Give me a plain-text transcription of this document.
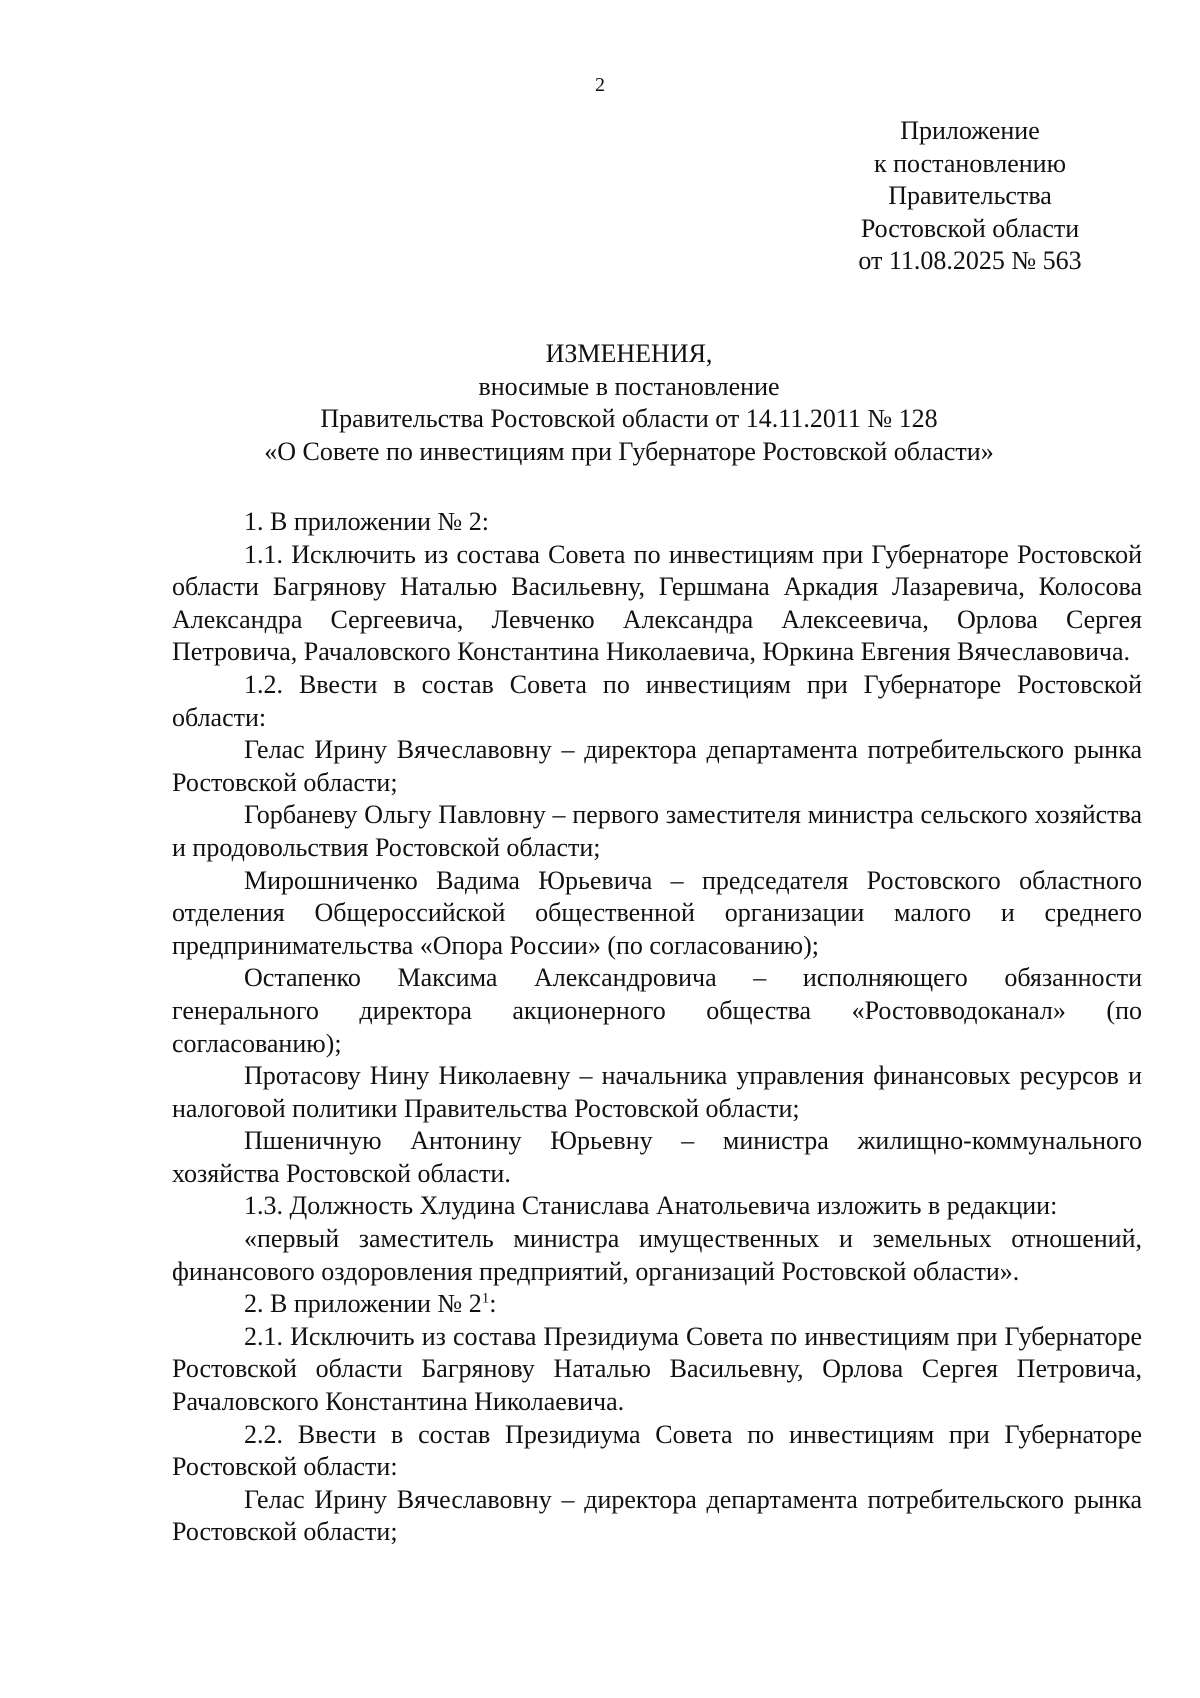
2
Приложение
к постановлению
Правительства
Ростовской области
от 11.08.2025 № 563
ИЗМЕНЕНИЯ,
вносимые в постановление
Правительства Ростовской области от 14.11.2011 № 128
«О Совете по инвестициям при Губернаторе Ростовской области»

1. В приложении № 2:

1.1. Исключить из состава Совета по инвестициям при Губернаторе Ростовской области Багрянову Наталью Васильевну, Гершмана Аркадия Лазаревича, Колосова Александра Сергеевича, Левченко Александра Алексеевича, Орлова Сергея Петровича, Рачаловского Константина Николаевича, Юркина Евгения Вячеславовича.

1.2. Ввести в состав Совета по инвестициям при Губернаторе Ростовской области:

Гелас Ирину Вячеславовну – директора департамента потребительского рынка Ростовской области;

Горбаневу Ольгу Павловну – первого заместителя министра сельского хозяйства и продовольствия Ростовской области;

Мирошниченко Вадима Юрьевича – председателя Ростовского областного отделения Общероссийской общественной организации малого и среднего предпринимательства «Опора России» (по согласованию);

Остапенко Максима Александровича – исполняющего обязанности генерального директора акционерного общества «Ростовводоканал» (по согласованию);

Протасову Нину Николаевну – начальника управления финансовых ресурсов и налоговой политики Правительства Ростовской области;

Пшеничную Антонину Юрьевну – министра жилищно-коммунального хозяйства Ростовской области.

1.3. Должность Хлудина Станислава Анатольевича изложить в редакции:

«первый заместитель министра имущественных и земельных отношений, финансового оздоровления предприятий, организаций Ростовской области».

2. В приложении № 2$^1$:

2.1. Исключить из состава Президиума Совета по инвестициям при Губернаторе Ростовской области Багрянову Наталью Васильевну, Орлова Сергея Петровича, Рачаловского Константина Николаевича.

2.2. Ввести в состав Президиума Совета по инвестициям при Губернаторе Ростовской области:

Гелас Ирину Вячеславовну – директора департамента потребительского рынка Ростовской области;
